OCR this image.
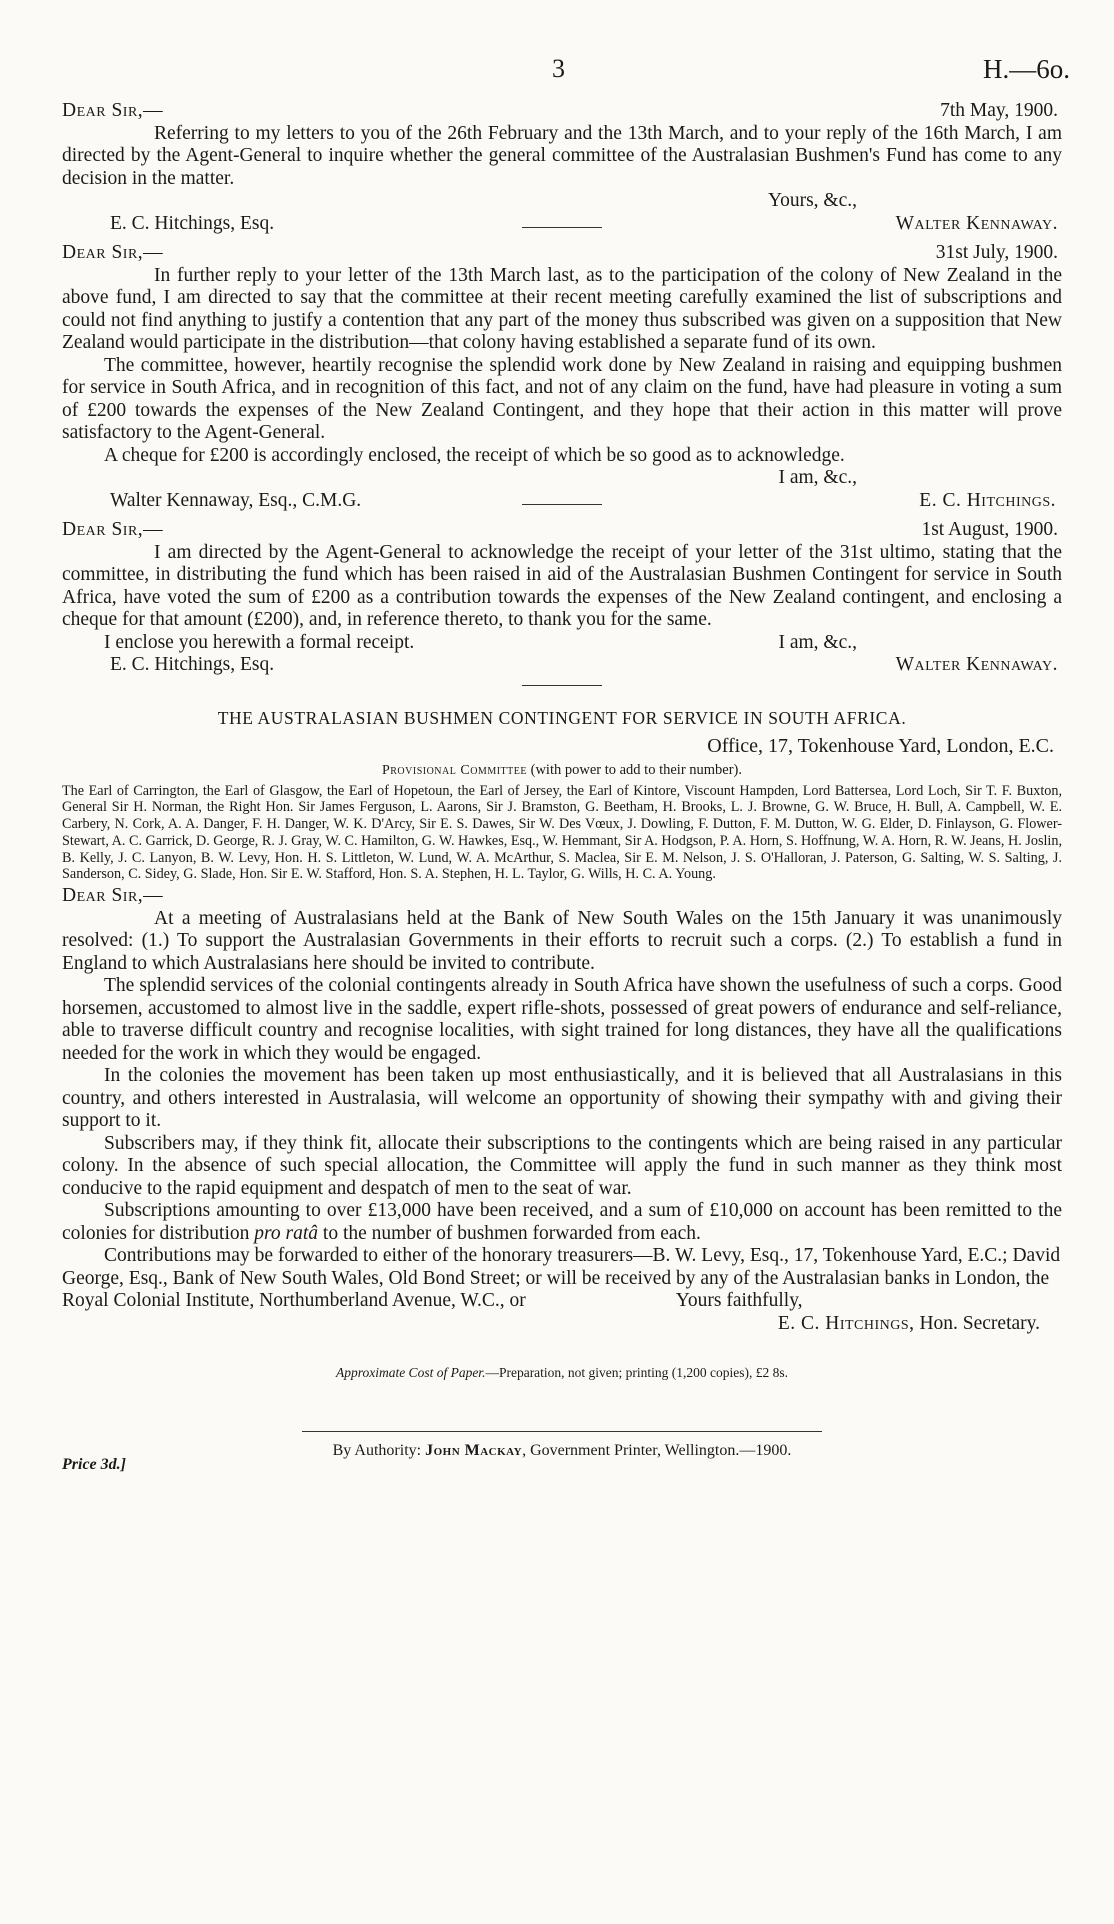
3	H.—6o.
Dear Sir,—	7th May, 1900.

Referring to my letters to you of the 26th February and the 13th March, and to your reply of the 16th March, I am directed by the Agent-General to inquire whether the general committee of the Australasian Bushmen's Fund has come to any decision in the matter.

Yours, &c.,
E. C. Hitchings, Esq.	Walter Kennaway.
Dear Sir,—	31st July, 1900.

In further reply to your letter of the 13th March last, as to the participation of the colony of New Zealand in the above fund, I am directed to say that the committee at their recent meeting carefully examined the list of subscriptions and could not find anything to justify a contention that any part of the money thus subscribed was given on a supposition that New Zealand would participate in the distribution—that colony having established a separate fund of its own.

The committee, however, heartily recognise the splendid work done by New Zealand in raising and equipping bushmen for service in South Africa, and in recognition of this fact, and not of any claim on the fund, have had pleasure in voting a sum of £200 towards the expenses of the New Zealand Contingent, and they hope that their action in this matter will prove satisfactory to the Agent-General.

A cheque for £200 is accordingly enclosed, the receipt of which be so good as to acknowledge.

I am, &c.,
Walter Kennaway, Esq., C.M.G.	E. C. Hitchings.
Dear Sir,—	1st August, 1900.

I am directed by the Agent-General to acknowledge the receipt of your letter of the 31st ultimo, stating that the committee, in distributing the fund which has been raised in aid of the Australasian Bushmen Contingent for service in South Africa, have voted the sum of £200 as a contribution towards the expenses of the New Zealand contingent, and enclosing a cheque for that amount (£200), and, in reference thereto, to thank you for the same.

I enclose you herewith a formal receipt.	I am, &c.,
E. C. Hitchings, Esq.	Walter Kennaway.
THE AUSTRALASIAN BUSHMEN CONTINGENT FOR SERVICE IN SOUTH AFRICA.
Office, 17, Tokenhouse Yard, London, E.C.
Provisional Committee (with power to add to their number).

The Earl of Carrington, the Earl of Glasgow, the Earl of Hopetoun, the Earl of Jersey, the Earl of Kintore, Viscount Hampden, Lord Battersea, Lord Loch, Sir T. F. Buxton, General Sir H. Norman, the Right Hon. Sir James Ferguson, L. Aarons, Sir J. Bramston, G. Beetham, H. Brooks, L. J. Browne, G. W. Bruce, H. Bull, A. Campbell, W. E. Carbery, N. Cork, A. A. Danger, F. H. Danger, W. K. D'Arcy, Sir E. S. Dawes, Sir W. Des Vœux, J. Dowling, F. Dutton, F. M. Dutton, W. G. Elder, D. Finlayson, G. Flower-Stewart, A. C. Garrick, D. George, R. J. Gray, W. C. Hamilton, G. W. Hawkes, Esq., W. Hemmant, Sir A. Hodgson, P. A. Horn, S. Hoffnung, W. A. Horn, R. W. Jeans, H. Joslin, B. Kelly, J. C. Lanyon, B. W. Levy, Hon. H. S. Littleton, W. Lund, W. A. McArthur, S. Maclea, Sir E. M. Nelson, J. S. O'Halloran, J. Paterson, G. Salting, W. S. Salting, J. Sanderson, C. Sidey, G. Slade, Hon. Sir E. W. Stafford, Hon. S. A. Stephen, H. L. Taylor, G. Wills, H. C. A. Young.

Dear Sir,—

At a meeting of Australasians held at the Bank of New South Wales on the 15th January it was unanimously resolved: (1.) To support the Australasian Governments in their efforts to recruit such a corps. (2.) To establish a fund in England to which Australasians here should be invited to contribute.

The splendid services of the colonial contingents already in South Africa have shown the usefulness of such a corps. Good horsemen, accustomed to almost live in the saddle, expert rifle-shots, possessed of great powers of endurance and self-reliance, able to traverse difficult country and recognise localities, with sight trained for long distances, they have all the qualifications needed for the work in which they would be engaged.

In the colonies the movement has been taken up most enthusiastically, and it is believed that all Australasians in this country, and others interested in Australasia, will welcome an opportunity of showing their sympathy with and giving their support to it.

Subscribers may, if they think fit, allocate their subscriptions to the contingents which are being raised in any particular colony. In the absence of such special allocation, the Committee will apply the fund in such manner as they think most conducive to the rapid equipment and despatch of men to the seat of war.

Subscriptions amounting to over £13,000 have been received, and a sum of £10,000 on account has been remitted to the colonies for distribution pro ratâ to the number of bushmen forwarded from each.

Contributions may be forwarded to either of the honorary treasurers—B. W. Levy, Esq., 17, Tokenhouse Yard, E.C.; David George, Esq., Bank of New South Wales, Old Bond Street; or will be received by any of the Australasian banks in London, the Royal Colonial Institute, Northumberland Avenue, W.C., or	Yours faithfully,

E. C. Hitchings, Hon. Secretary.
Approximate Cost of Paper.—Preparation, not given; printing (1,200 copies), £2 8s.
By Authority: John Mackay, Government Printer, Wellington.—1900.
Price 3d.]
